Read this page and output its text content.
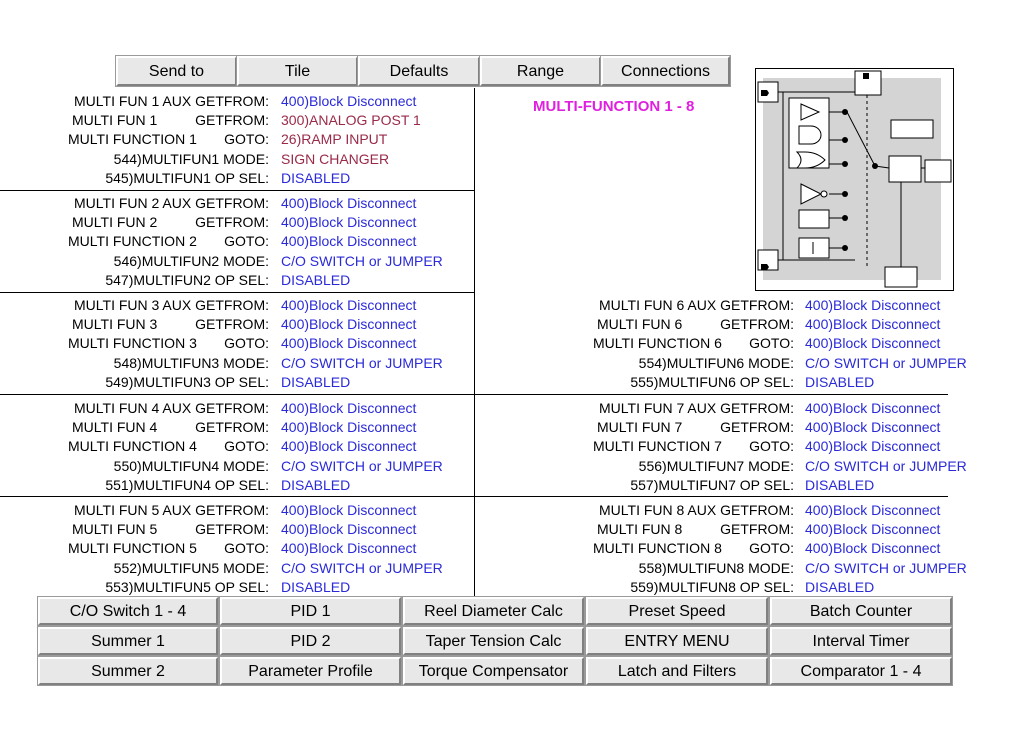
Send to	Tile	Defaults	Range	Connections
MULTI-FUNCTION 1 - 8
MULTI FUN 1 AUX GETFROM: 400)Block Disconnect
MULTI FUN 1	GETFROM: 300)ANALOG POST 1
MULTI FUNCTION 1 GOTO: 26)RAMP INPUT
544)MULTIFUN1 MODE: SIGN CHANGER
545)MULTIFUN1 OP SEL: DISABLED
MULTI FUN 2 AUX GETFROM: 400)Block Disconnect
MULTI FUN 2	GETFROM: 400)Block Disconnect
MULTI FUNCTION 2 GOTO: 400)Block Disconnect
546)MULTIFUN2 MODE: C/O SWITCH or JUMPER
547)MULTIFUN2 OP SEL: DISABLED
MULTI FUN 3 AUX GETFROM: 400)Block Disconnect
MULTI FUN 3	GETFROM: 400)Block Disconnect
MULTI FUNCTION 3 GOTO: 400)Block Disconnect
548)MULTIFUN3 MODE: C/O SWITCH or JUMPER
549)MULTIFUN3 OP SEL: DISABLED
MULTI FUN 4 AUX GETFROM: 400)Block Disconnect
MULTI FUN 4	GETFROM: 400)Block Disconnect
MULTI FUNCTION 4 GOTO: 400)Block Disconnect
550)MULTIFUN4 MODE: C/O SWITCH or JUMPER
551)MULTIFUN4 OP SEL: DISABLED
MULTI FUN 5 AUX GETFROM: 400)Block Disconnect
MULTI FUN 5	GETFROM: 400)Block Disconnect
MULTI FUNCTION 5 GOTO: 400)Block Disconnect
552)MULTIFUN5 MODE: C/O SWITCH or JUMPER
553)MULTIFUN5 OP SEL: DISABLED
MULTI FUN 6 AUX GETFROM: 400)Block Disconnect
MULTI FUN 6	GETFROM: 400)Block Disconnect
MULTI FUNCTION 6 GOTO: 400)Block Disconnect
554)MULTIFUN6 MODE: C/O SWITCH or JUMPER
555)MULTIFUN6 OP SEL: DISABLED
MULTI FUN 7 AUX GETFROM: 400)Block Disconnect
MULTI FUN 7	GETFROM: 400)Block Disconnect
MULTI FUNCTION 7 GOTO: 400)Block Disconnect
556)MULTIFUN7 MODE: C/O SWITCH or JUMPER
557)MULTIFUN7 OP SEL: DISABLED
MULTI FUN 8 AUX GETFROM: 400)Block Disconnect
MULTI FUN 8	GETFROM: 400)Block Disconnect
MULTI FUNCTION 8 GOTO: 400)Block Disconnect
558)MULTIFUN8 MODE: C/O SWITCH or JUMPER
559)MULTIFUN8 OP SEL: DISABLED
C/O Switch 1 - 4	PID 1	Reel Diameter Calc	Preset Speed	Batch Counter
Summer 1	PID 2	Taper Tension Calc	ENTRY MENU	Interval Timer
Summer 2	Parameter Profile	Torque Compensator	Latch and Filters	Comparator 1 - 4
